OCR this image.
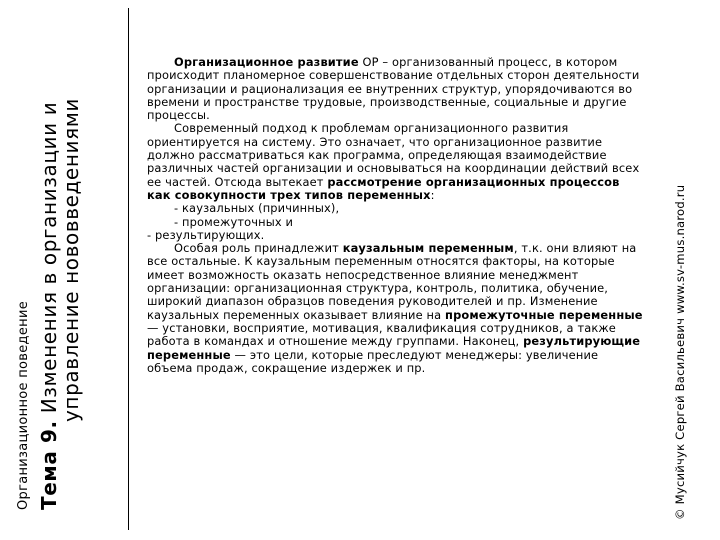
Организационное поведение Тема 9. Изменения в организации и
управление нововведениями

Организационное развитие OP – организованный процесс, в котором происходит планомерное совершенствование отдельных сторон деятельности организации и рационализация ее внутренних структур, упорядочиваются во времени и пространстве трудовые, производственные, социальные и другие процессы.

Современный подход к проблемам организационного развития ориентируется на систему. Это означает, что организационное развитие должно рассматриваться как программа, определяющая взаимодействие различных частей организации и основываться на координации действий всех ее частей. Отсюда вытекает рассмотрение организационных процессов как совокупности трех типов переменных:

- каузальных (причинных),

- промежуточных и

- результирующих.

Особая роль принадлежит каузальным переменным, т.к. они влияют на все остальные. К каузальным переменным относятся факторы, на которые имеет возможность оказать непосредственное влияние менеджмент организации: организационная структура, контроль, политика, обучение, широкий диапазон образцов поведения руководителей и пр. Изменение каузальных переменных оказывает влияние на промежуточные переменные — установки, восприятие, мотивация, квалификация сотрудников, а также работа в командах и отношение между группами. Наконец, результирующие переменные — это цели, которые преследуют менеджеры: увеличение объема продаж, сокращение издержек и пр.	© Мусийчук Сергей Васильевич www.sv-mus.narod.ru
